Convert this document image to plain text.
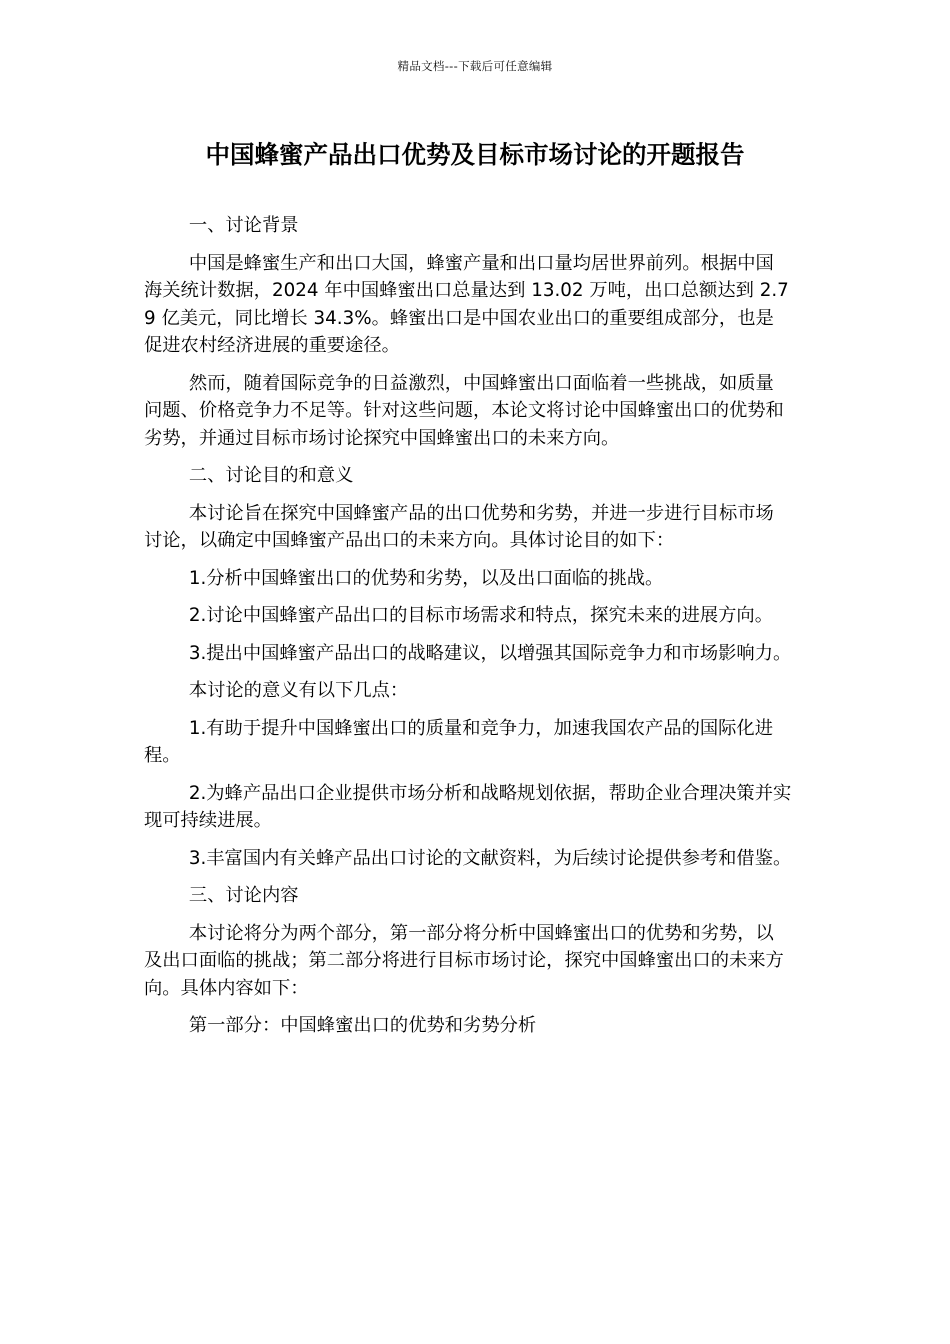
精品文档---下载后可任意编辑
中国蜂蜜产品出口优势及目标市场讨论的开题报告

一、讨论背景

中国是蜂蜜生产和出口大国，蜂蜜产量和出口量均居世界前列。根据中国海关统计数据，2024 年中国蜂蜜出口总量达到 13.02 万吨，出口总额达到 2.79 亿美元，同比增长 34.3%。蜂蜜出口是中国农业出口的重要组成部分，也是促进农村经济进展的重要途径。

然而，随着国际竞争的日益激烈，中国蜂蜜出口面临着一些挑战，如质量问题、价格竞争力不足等。针对这些问题，本论文将讨论中国蜂蜜出口的优势和劣势，并通过目标市场讨论探究中国蜂蜜出口的未来方向。

二、讨论目的和意义

本讨论旨在探究中国蜂蜜产品的出口优势和劣势，并进一步进行目标市场讨论，以确定中国蜂蜜产品出口的未来方向。具体讨论目的如下：

1.分析中国蜂蜜出口的优势和劣势，以及出口面临的挑战。

2.讨论中国蜂蜜产品出口的目标市场需求和特点，探究未来的进展方向。

3.提出中国蜂蜜产品出口的战略建议，以增强其国际竞争力和市场影响力。

本讨论的意义有以下几点：

1.有助于提升中国蜂蜜出口的质量和竞争力，加速我国农产品的国际化进程。

2.为蜂产品出口企业提供市场分析和战略规划依据，帮助企业合理决策并实现可持续进展。

3.丰富国内有关蜂产品出口讨论的文献资料，为后续讨论提供参考和借鉴。

三、讨论内容

本讨论将分为两个部分，第一部分将分析中国蜂蜜出口的优势和劣势，以及出口面临的挑战；第二部分将进行目标市场讨论，探究中国蜂蜜出口的未来方向。具体内容如下：

第一部分：中国蜂蜜出口的优势和劣势分析
